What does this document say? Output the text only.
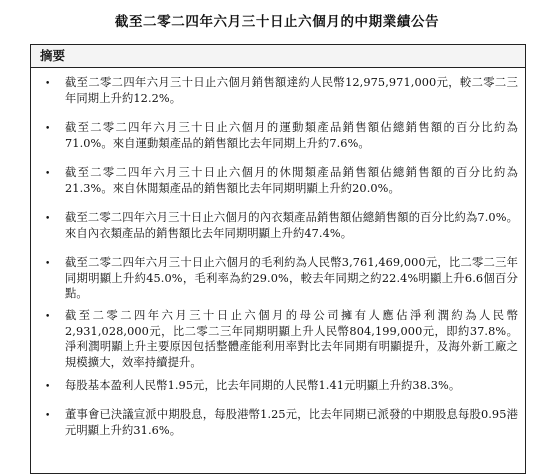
截至二零二四年六月三十日止六個月的中期業績公告
摘要
• 截至二零二四年六月三十日止六個月銷售額達約人民幣12,975,971,000元，較二零二三年同期上升約12.2%。
• 截至二零二四年六月三十日止六個月的運動類產品銷售額佔總銷售額的百分比約為71.0%。來自運動類產品的銷售額比去年同期上升約7.6%。
• 截至二零二四年六月三十日止六個月的休閒類產品銷售額佔總銷售額的百分比約為21.3%。來自休閒類產品的銷售額比去年同期明顯上升約20.0%。
• 截至二零二四年六月三十日止六個月的內衣類產品銷售額佔總銷售額的百分比約為7.0%。來自內衣類產品的銷售額比去年同期明顯上升約47.4%。
• 截至二零二四年六月三十日止六個月的毛利約為人民幣3,761,469,000元，比二零二三年同期明顯上升約45.0%，毛利率為約29.0%，較去年同期之約22.4%明顯上升6.6個百分點。
• 截至二零二四年六月三十日止六個月的母公司擁有人應佔淨利潤約為人民幣2,931,028,000元，比二零二三年同期明顯上升人民幣804,199,000元，即約37.8%。淨利潤明顯上升主要原因包括整體產能利用率對比去年同期有明顯提升，及海外新工廠之規模擴大，效率持續提升。
• 每股基本盈利人民幣1.95元，比去年同期的人民幣1.41元明顯上升約38.3%。
• 董事會已決議宣派中期股息，每股港幣1.25元，比去年同期已派發的中期股息每股0.95港元明顯上升約31.6%。
